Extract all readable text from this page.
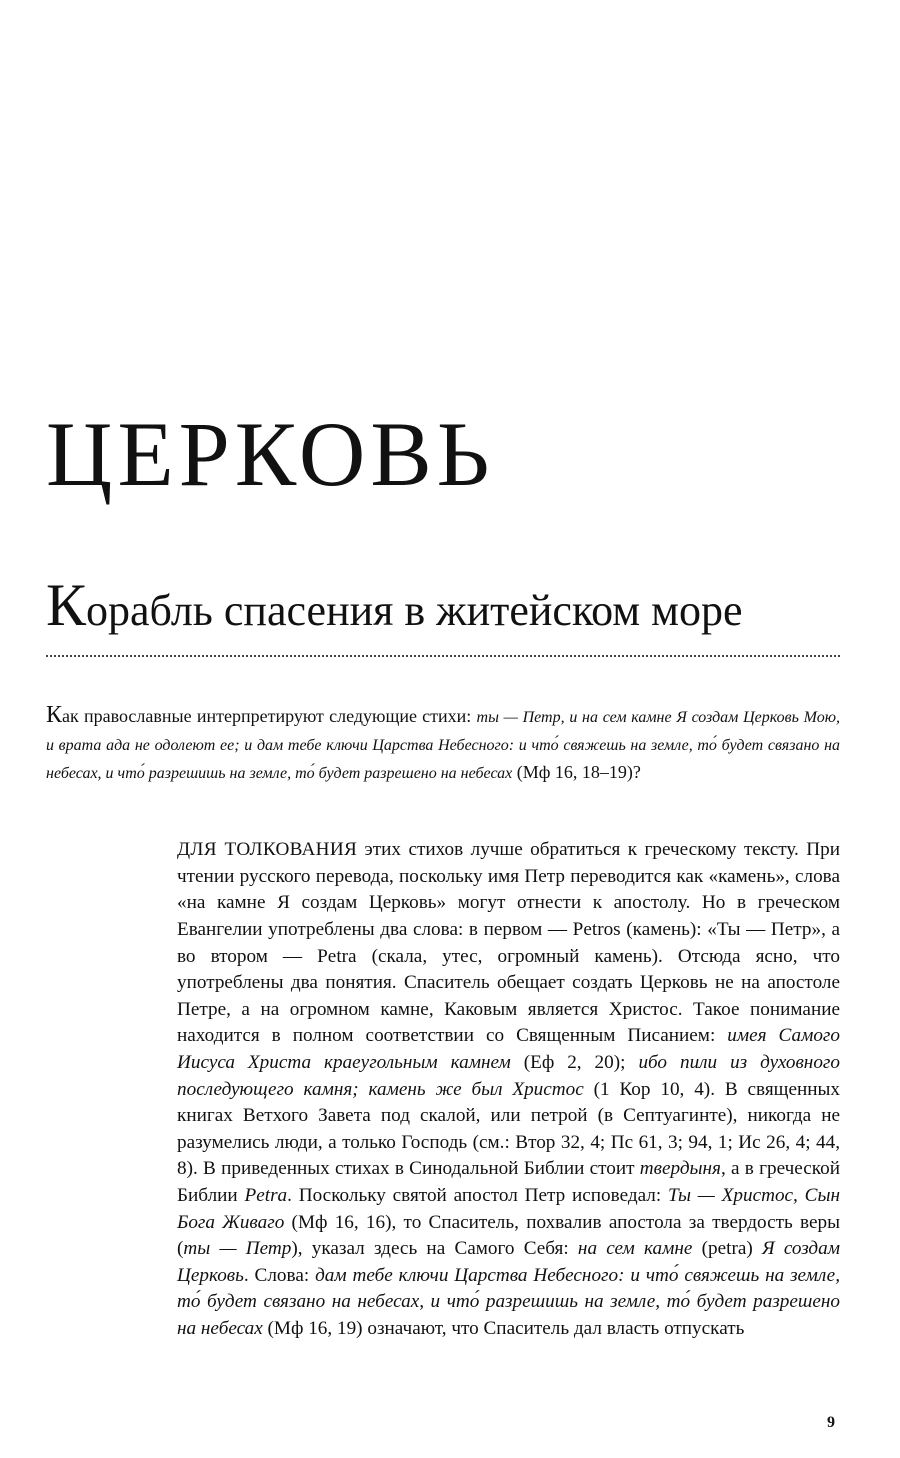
ЦЕРКОВЬ
Корабль спасения в житейском море

Как православные интерпретируют следующие стихи: ты — Петр, и на сем камне Я создам Церковь Мою, и врата ада не одолеют ее; и дам тебе ключи Царства Небесного: и что́ свяжешь на земле, то́ будет связано на небесах, и что́ разрешишь на земле, то́ будет разрешено на небесах (Мф 16, 18–19)?

ДЛЯ ТОЛКОВАНИЯ этих стихов лучше обратиться к греческому тексту. При чтении русского перевода, поскольку имя Петр переводится как «камень», слова «на камне Я создам Церковь» могут отнести к апостолу. Но в греческом Евангелии употреблены два слова: в первом — Petros (камень): «Ты — Петр», а во втором — Petra (скала, утес, огромный камень). Отсюда ясно, что употреблены два понятия. Спаситель обещает создать Церковь не на апостоле Петре, а на огромном камне, Каковым является Христос. Такое понимание находится в полном соответствии со Священным Писанием: имея Самого Иисуса Христа краеугольным камнем (Еф 2, 20); ибо пили из духовного последующего камня; камень же был Христос (1 Кор 10, 4). В священных книгах Ветхого Завета под скалой, или петрой (в Септуагинте), никогда не разумелись люди, а только Господь (см.: Втор 32, 4; Пс 61, 3; 94, 1; Ис 26, 4; 44, 8). В приведенных стихах в Синодальной Библии стоит твердыня, а в греческой Библии Petra. Поскольку святой апостол Петр исповедал: Ты — Христос, Сын Бога Живаго (Мф 16, 16), то Спаситель, похвалив апостола за твердость веры (ты — Петр), указал здесь на Самого Себя: на сем камне (petra) Я создам Церковь. Слова: дам тебе ключи Царства Небесного: и что́ свяжешь на земле, то́ будет связано на небесах, и что́ разрешишь на земле, то́ будет разрешено на небесах (Мф 16, 19) означают, что Спаситель дал власть отпускать

9
